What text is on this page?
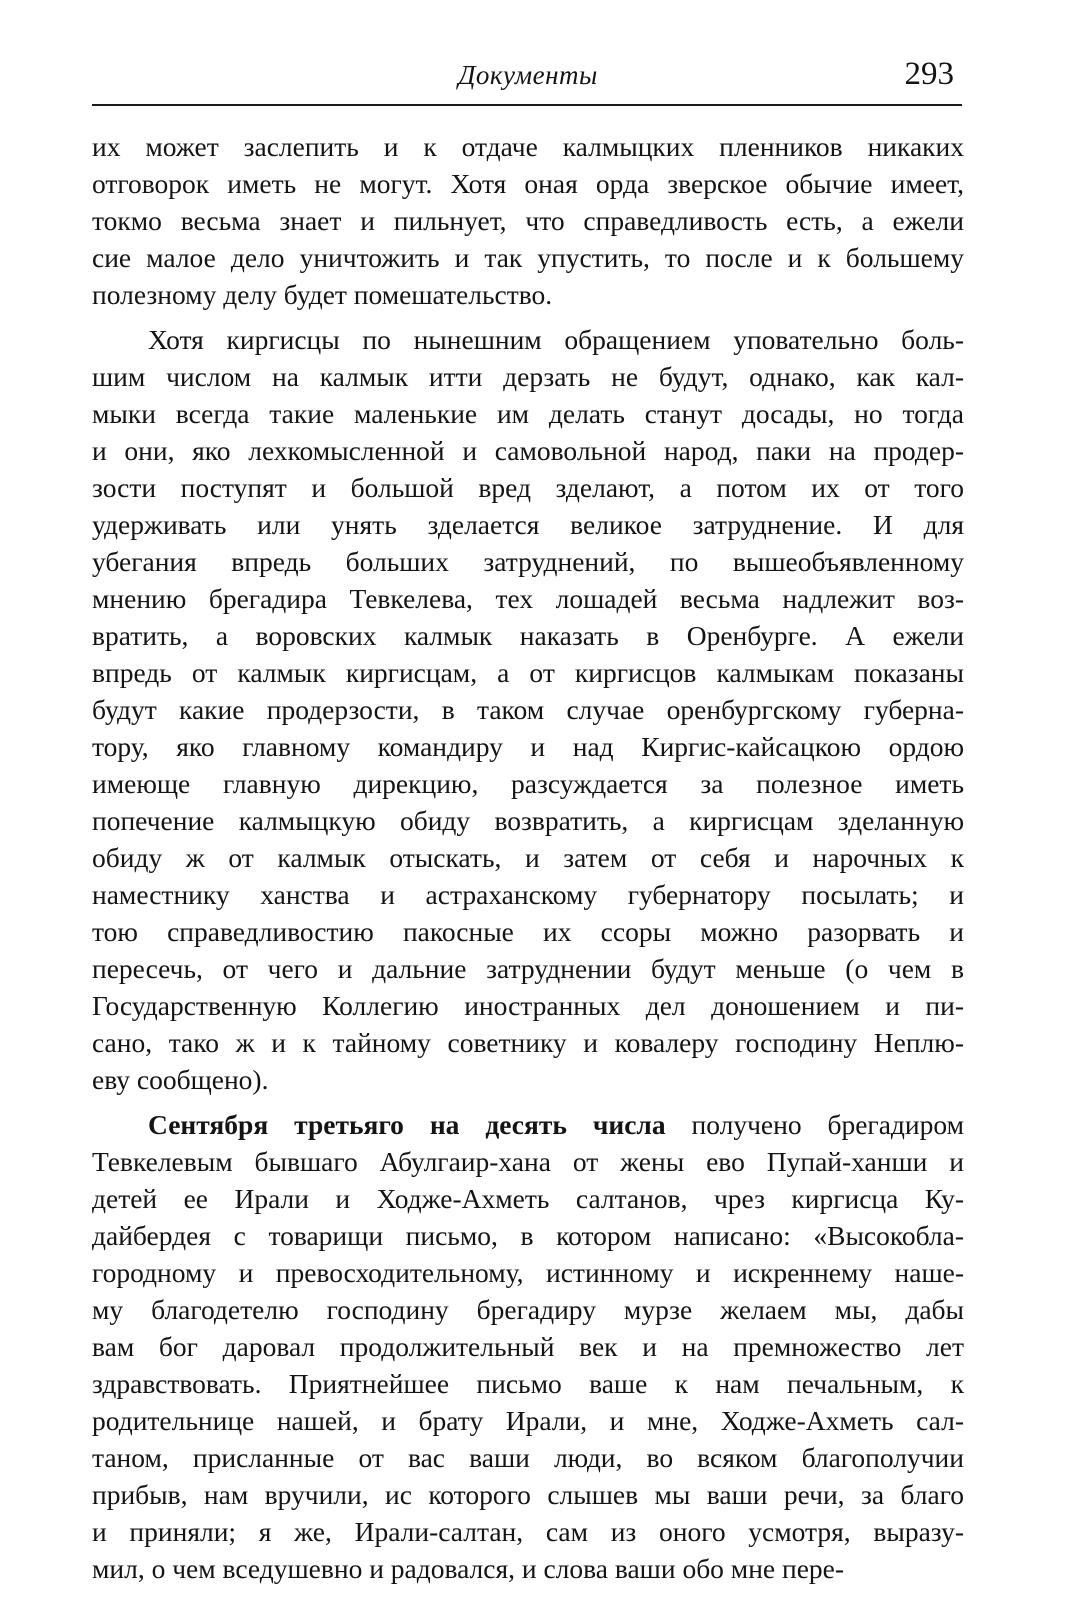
Документы	293
их может заслепить и к отдаче калмыцких пленников никаких
отговорок иметь не могут. Хотя оная орда зверское обычие имеет,
токмо весьма знает и пильнует, что справедливость есть, а ежели
сие малое дело уничтожить и так упустить, то после и к большему
полезному делу будет помешательство.
Хотя киргисцы по нынешним обращением уповательно боль-
шим числом на калмык итти дерзать не будут, однако, как кал-
мыки всегда такие маленькие им делать станут досады, но тогда
и они, яко лехкомысленной и самовольной народ, паки на продер-
зости поступят и большой вред зделают, а потом их от того
удерживать или унять зделается великое затруднение. И для
убегания впредь больших затруднений, по вышеобъявленному
мнению брегадира Тевкелева, тех лошадей весьма надлежит воз-
вратить, а воровских калмык наказать в Оренбурге. А ежели
впредь от калмык киргисцам, а от киргисцов калмыкам показаны
будут какие продерзости, в таком случае оренбургскому губерна-
тору, яко главному командиру и над Киргис-кайсацкою ордою
имеюще главную дирекцию, разсуждается за полезное иметь
попечение калмыцкую обиду возвратить, а киргисцам зделанную
обиду ж от калмык отыскать, и затем от себя и нарочных к
наместнику ханства и астраханскому губернатору посылать; и
тою справедливостию пакосные их ссоры можно разорвать и
пересечь, от чего и дальние затруднении будут меньше (о чем в
Государственную Коллегию иностранных дел доношением и пи-
сано, тако ж и к тайному советнику и ковалеру господину Неплю-
еву сообщено).
Сентября третьяго на десять числа получено брегадиром
Тевкелевым бывшаго Абулгаир-хана от жены ево Пупай-ханши и
детей ее Ирали и Ходже-Ахметь салтанов, чрез киргисца Ку-
дайбердея с товарищи письмо, в котором написано: «Высокобла-
городному и превосходительному, истинному и искреннему наше-
му благодетелю господину брегадиру мурзе желаем мы, дабы
вам бог даровал продолжительный век и на премножество лет
здравствовать. Приятнейшее письмо ваше к нам печальным, к
родительнице нашей, и брату Ирали, и мне, Ходже-Ахметь сал-
таном, присланные от вас ваши люди, во всяком благополучии
прибыв, нам вручили, ис которого слышев мы ваши речи, за благо
и приняли; я же, Ирали-салтан, сам из оного усмотря, выразу-
мил, о чем вседушевно и радовался, и слова ваши обо мне пере-
